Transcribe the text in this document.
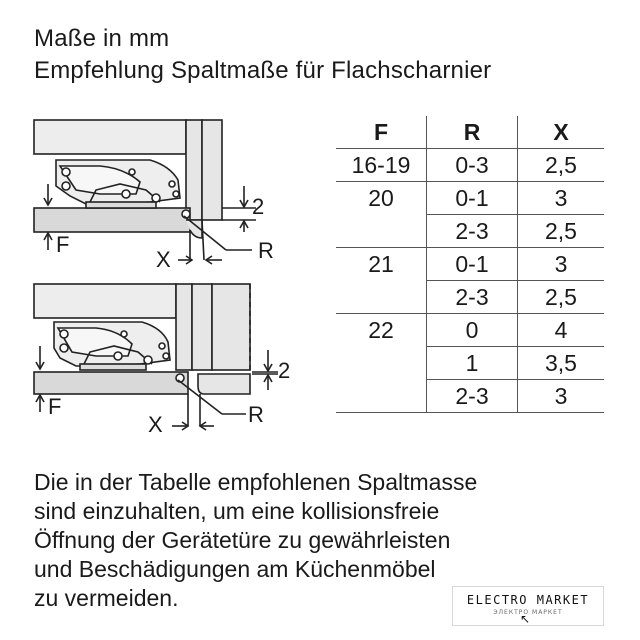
Maße in mm
Empfehlung Spaltmaße für Flachscharnier
F
X	R
2
F
X	R
2
F	R	X
16-19	0-3	2,5
20	0-1	3
	2-3	2,5
21	0-1	3
	2-3	2,5
22	0	4
	1	3,5
	2-3	3
Die in der Tabelle empfohlenen Spaltmasse
sind einzuhalten, um eine kollisionsfreie
Öffnung der Gerätetüre zu gewährleisten
und Beschädigungen am Küchenmöbel
zu vermeiden.	ELECTRO MARKET
ЭЛЕКТРО МАРКЕТ
↖
